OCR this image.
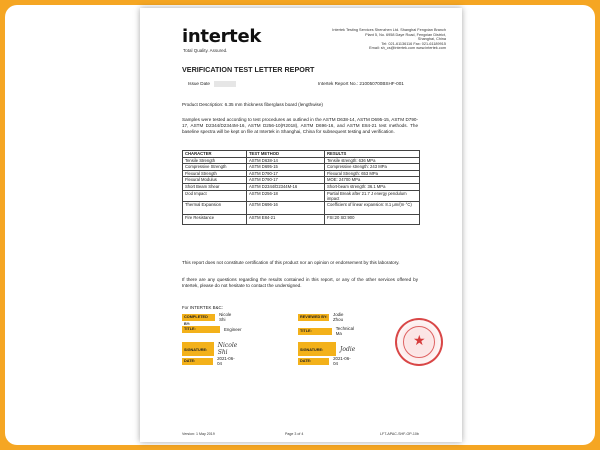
intertek
Total Quality. Assured.
Intertek Testing Services Shenzhen Ltd. Shanghai Fengxian Branch
Plant 5, No. 6958 Daye Road, Fengxian District,
Shanghai, China
Tel: 021-61136116 Fax: 021-61189915
Email: sh_cs@intertek.com www.intertek.com
VERIFICATION TEST LETTER REPORT
Issue Date	Intertek Report No.: 210050700BSHF-001
Product Description: 6.35 mm thickness fiberglass board (lengthwise)
Samples were tested according to test procedures as outlined in the ASTM D638-14, ASTM D695-15, ASTM D790-17, ASTM D2344/D2344M-16, ASTM D256-10(R2018), ASTM D696-16, and ASTM E84-21 test methods. The baseline spectra will be kept on file at Intertek in Shanghai, China for subsequent testing and verification.
CHARACTER	TEST METHOD	RESULTS
Tensile Strength	ASTM D638-14	Tensile strength: 636 MPa
Compressive Strength	ASTM D695-15	Compressive strength: 243 MPa
Flexural Strength	ASTM D790-17	Flexural Strength: 653 MPa
Flexural Modulus	ASTM D790-17	MOE: 24700 MPa
Short Beam Shear	ASTM D2344/D2344M-16	Short-beam strength: 36.1 MPa
Izod Impact	ASTM D256-18	Partial Break after 21.7 J energy pendulum impact
Thermal Expansion	ASTM D696-16	Coefficient of linear expansion: 8.1 μm/(m·°C)
Fire Resistance	ASTM E84-21	FSI:20 SD:900
This report does not constitute certification of this product nor an opinion or endorsement by this laboratory.
If there are any questions regarding the results contained in this report, or any of the other services offered by Intertek, please do not hesitate to contact the undersigned.
For INTERTEK B&C:
COMPLETED BY:
Nicole Shi
TITLE:	Engineer
SIGNATURE:
Nicole Shi
DATE:	2021-06-04
REVIEWED BY:	Jodie Zhou
TITLE:	Technical Ma
SIGNATURE:	Jodie
DATE:	2021-06-04
★
Version: 1 May 2019	Page 3 of 4	LFT-APAC-SHF-OP-10b
